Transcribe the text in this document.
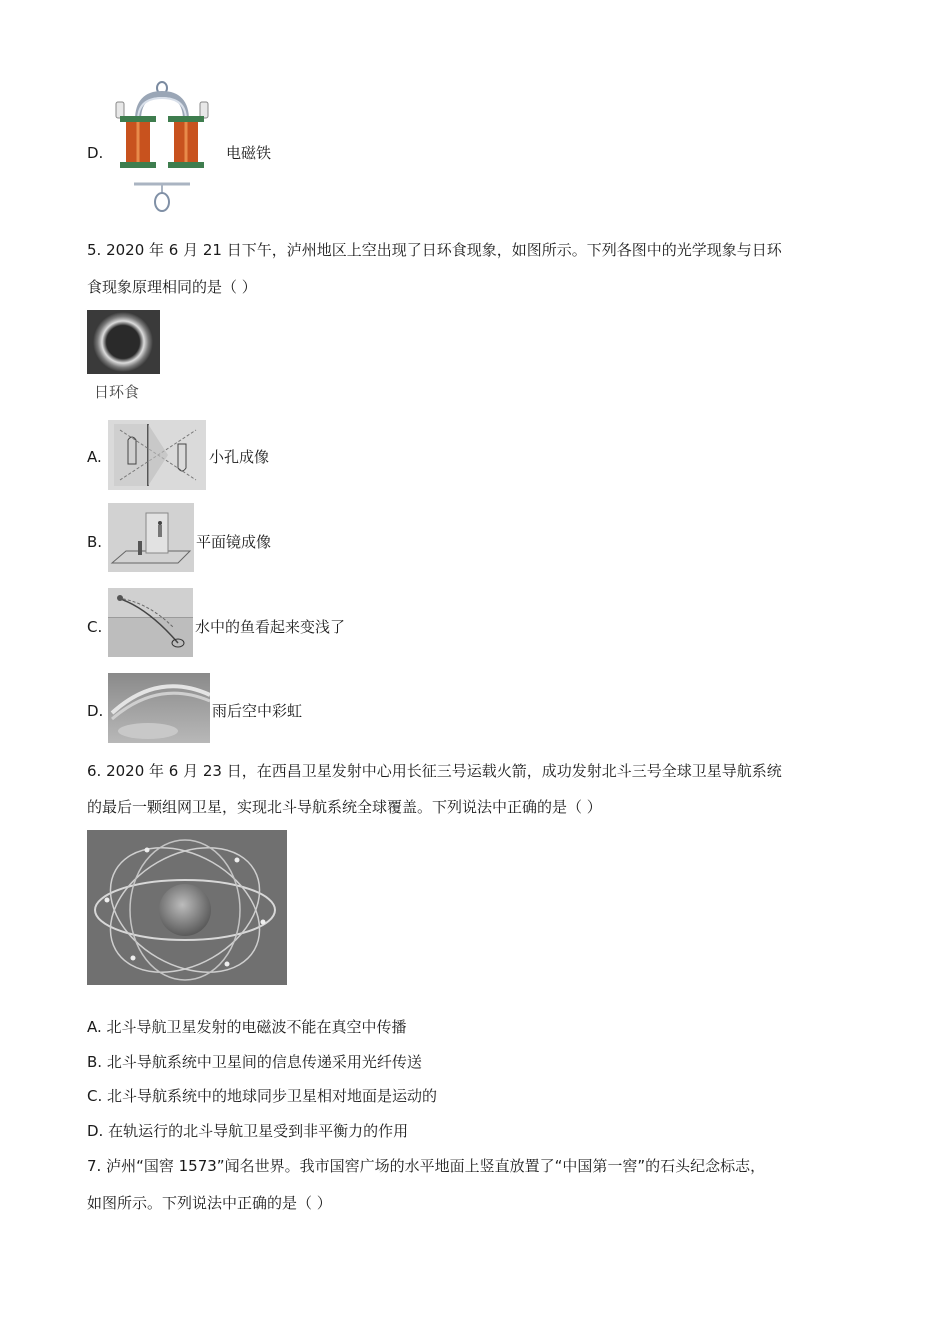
D.	电磁铁
5. 2020 年 6 月 21 日下午，泸州地区上空出现了日环食现象，如图所示。下列各图中的光学现象与日环
食现象原理相同的是（ ）
日环食
A.	小孔成像
B.	平面镜成像
C.	水中的鱼看起来变浅了
D.	雨后空中彩虹
6. 2020 年 6 月 23 日，在西昌卫星发射中心用长征三号运载火箭，成功发射北斗三号全球卫星导航系统
的最后一颗组网卫星，实现北斗导航系统全球覆盖。下列说法中正确的是（ ）
A. 北斗导航卫星发射的电磁波不能在真空中传播
B. 北斗导航系统中卫星间的信息传递采用光纤传送
C. 北斗导航系统中的地球同步卫星相对地面是运动的
D. 在轨运行的北斗导航卫星受到非平衡力的作用
7. 泸州“国窖 1573”闻名世界。我市国窖广场的水平地面上竖直放置了“中国第一窖”的石头纪念标志，
如图所示。下列说法中正确的是（ ）
